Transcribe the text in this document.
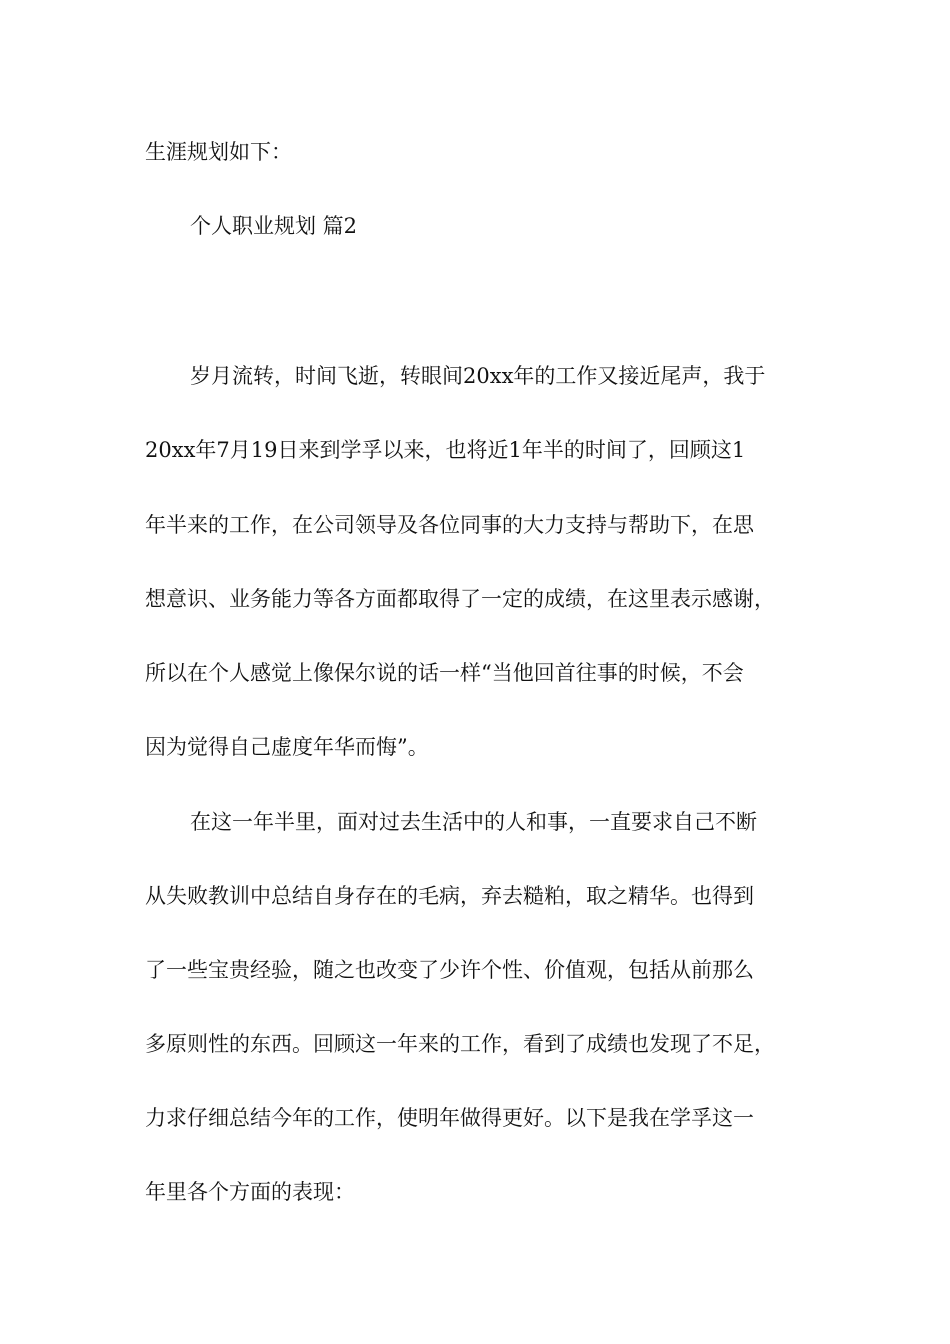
生涯规划如下：

个人职业规划 篇2

岁月流转，时间飞逝，转眼间20xx年的工作又接近尾声，我于

20xx年7月19日来到学孚以来，也将近1年半的时间了，回顾这1

年半来的工作，在公司领导及各位同事的大力支持与帮助下，在思

想意识、业务能力等各方面都取得了一定的成绩，在这里表示感谢，

所以在个人感觉上像保尔说的话一样“当他回首往事的时候，不会

因为觉得自己虚度年华而悔”。

在这一年半里，面对过去生活中的人和事，一直要求自己不断

从失败教训中总结自身存在的毛病，弃去糙粕，取之精华。也得到

了一些宝贵经验，随之也改变了少许个性、价值观，包括从前那么

多原则性的东西。回顾这一年来的工作，看到了成绩也发现了不足，

力求仔细总结今年的工作，使明年做得更好。以下是我在学孚这一

年里各个方面的表现：
